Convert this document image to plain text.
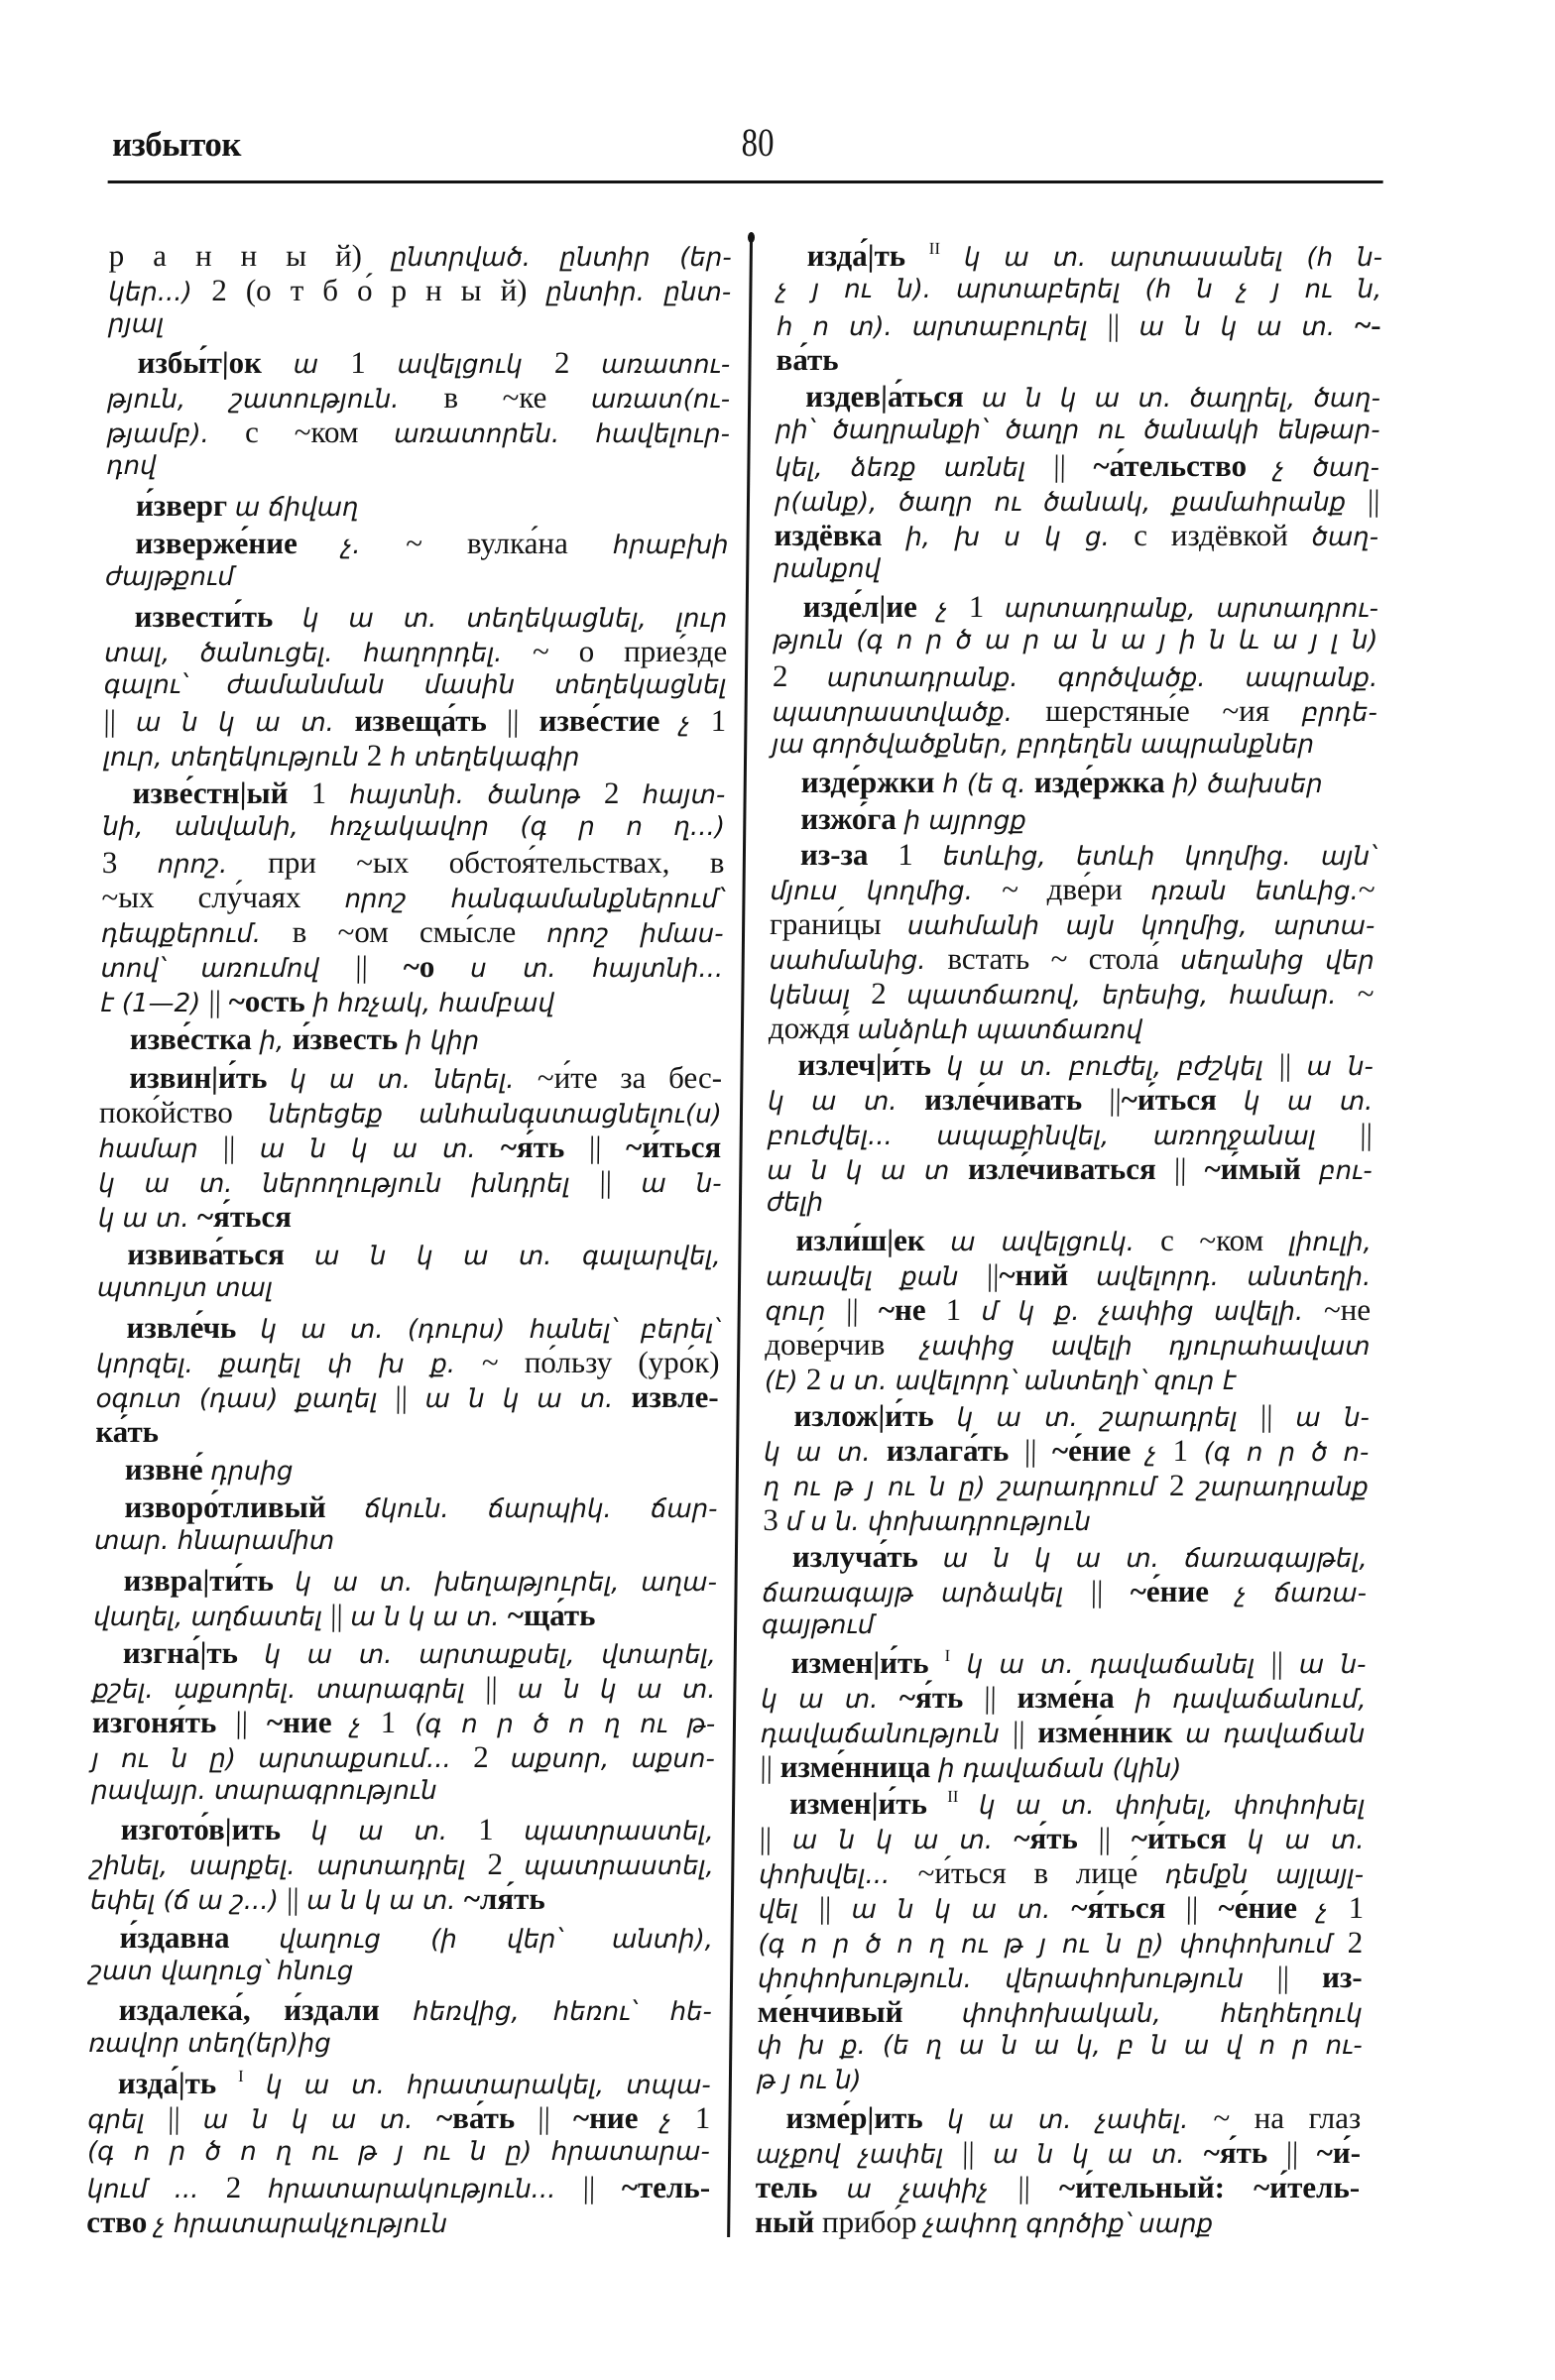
избыток	80
р а н н ы й) ընտրված. ընտիր (եր-
կեր...) 2 (о т б о́ р н ы й) ընտիր. ընտ-
րյալ
избы́т|ок ա 1 ավելցուկ 2 առատու-
թյուն, շատություն. в ~ке առատ(ու-
թյամբ). с ~ком առատորեն. հավելուր-
դով
и́зверг ա ճիվաղ
изверже́ние չ. ~ вулка́на հրաբխի
ժայթքում
извести́ть կ ա տ. տեղեկացնել, լուր
տալ, ծանուցել. հաղորդել. ~ о прие́зде
գալու՝ ժամանման մասին տեղեկացնել
|| ա ն կ ա տ. извеща́ть || изве́стие չ 1
լուր, տեղեկություն 2 հ տեղեկագիր
изве́стн|ый 1 հայտնի. ծանոթ 2 հայտ-
նի, անվանի, հռչակավոր (գ ր ո ղ...)
3 որոշ. при ~ых обстоя́тельствах, в
~ых слу́чаях որոշ հանգամանքներում՝
դեպքերում. в ~ом смы́сле որոշ իմաս-
տով՝ առումով || ~о ս տ. հայտնի...
է (1—2) || ~ость ի հռչակ, համբավ
изве́стка ի, и́звесть ի կիր
извин|и́ть կ ա տ. ներել. ~и́те за бес-
поко́йство ներեցեք անհանգստացնելու(ս)
համար || ա ն կ ա տ. ~я́ть || ~и́ться
կ ա տ. ներողություն խնդրել || ա ն-
կ ա տ. ~я́ться
извива́ться ա ն կ ա տ. գալարվել,
պտույտ տալ
извле́чь կ ա տ. (դուրս) հանել՝ բերել՝
կորզել. քաղել փ խ ք. ~ по́льзу (уро́к)
օգուտ (դաս) քաղել || ա ն կ ա տ. извле-
ка́ть
извне́ դրսից
изворо́тливый ճկուն. ճարպիկ. ճար-
տար. հնարամիտ
извра|ти́ть կ ա տ. խեղաթյուրել, աղա-
վաղել, աղճատել || ա ն կ ա տ. ~ща́ть
изгна́|ть կ ա տ. արտաքսել, վտարել,
քշել. աքսորել. տարագրել || ա ն կ ա տ.
изгоня́ть || ~ние չ 1 (գ ո ր ծ ո ղ ու թ-
յ ու ն ը) արտաքսում... 2 աքսոր, աքսո-
րավայր. տարագրություն
изгото́в|ить կ ա տ. 1 պատրաստել,
շինել, սարքել. արտադրել 2 պատրաստել,
եփել (ճ ա շ...) || ա ն կ ա տ. ~ля́ть
и́здавна վաղուց (ի վեր՝ անտի),
շատ վաղուց՝ հնուց
издалека́, и́здали հեռվից, հեռու՝ հե-
ռավոր տեղ(եր)ից
изда́|ть I կ ա տ. հրատարակել, տպա-
գրել || ա ն կ ա տ. ~ва́ть || ~ние չ 1
(գ ո ր ծ ո ղ ու թ յ ու ն ը) հրատարա-
կում ... 2 հրատարակություն... || ~тель-
ство չ հրատարակչություն
изда́|ть II կ ա տ. արտասանել (հ ն-
չ յ ու ն). արտաբերել (հ ն չ յ ու ն,
հ ո տ). արտաբուրել || ա ն կ ա տ. ~-
ва́ть
издев|а́ться ա ն կ ա տ. ծաղրել, ծաղ-
րի՝ ծաղրանքի՝ ծաղր ու ծանակի ենթար-
կել, ձեռք առնել || ~а́тельство չ ծաղ-
ր(անք), ծաղր ու ծանակ, քամահրանք ||
издёвка ի, խ ս կ ց. с издёвкой ծաղ-
րանքով
изде́л|ие չ 1 արտադրանք, արտադրու-
թյուն (գ ո ր ծ ա ր ա ն ա յ ի ն և ա յ լ ն)
2 արտադրանք. գործվածք. ապրանք.
պատրաստվածք. шерстяны́е ~ия բրդե-
յա գործվածքներ, բրդեղեն ապրանքներ
изде́ржки հ (ե զ. изде́ржка ի) ծախսեր
изжо́га ի այրոցք
из-за 1 ետևից, ետևի կողմից. այն՝
մյուս կողմից. ~ две́ри դռան ետևից.~
грани́цы սահմանի այն կողմից, արտա-
սահմանից. встать ~ стола́ սեղանից վեր
կենալ 2 պատճառով, երեսից, համար. ~
дождя́ անձրևի պատճառով
излеч|и́ть կ ա տ. բուժել, բժշկել || ա ն-
կ ա տ. изле́чивать ||~и́ться կ ա տ.
բուժվել... ապաքինվել, առողջանալ ||
ա ն կ ա տ изле́чиваться || ~и́мый բու-
ժելի
изли́ш|ек ա ավելցուկ. с ~ком լիուլի,
առավել քան ||~ний ավելորդ. անտեղի.
զուր || ~не 1 մ կ ք. չափից ավելի. ~не
дове́рчив չափից ավելի դյուրահավատ
(է) 2 ս տ. ավելորդ՝ անտեղի՝ զուր է
излож|и́ть կ ա տ. շարադրել || ա ն-
կ ա տ. излага́ть || ~е́ние չ 1 (գ ո ր ծ ո-
ղ ու թ յ ու ն ը) շարադրում 2 շարադրանք
3 մ ս ն. փոխադրություն
излуча́ть ա ն կ ա տ. ճառագայթել,
ճառագայթ արձակել || ~е́ние չ ճառա-
գայթում
измен|и́ть I կ ա տ. դավաճանել || ա ն-
կ ա տ. ~я́ть || изме́на ի դավաճանում,
դավաճանություն || изме́нник ա դավաճան
|| изме́нница ի դավաճան (կին)
измен|и́ть II կ ա տ. փոխել, փոփոխել
|| ա ն կ ա տ. ~я́ть || ~и́ться կ ա տ.
փոխվել... ~и́ться в лице́ դեմքն այլայլ-
վել || ա ն կ ա տ. ~я́ться || ~е́ние չ 1
(գ ո ր ծ ո ղ ու թ յ ու ն ը) փոփոխում 2
փոփոխություն. վերափոխություն || из-
ме́нчивый փոփոխական, հեղհեղուկ
փ խ ք. (ե ղ ա ն ա կ, բ ն ա վ ո ր ու-
թ յ ու ն)
изме́р|ить կ ա տ. չափել. ~ на глаз
աչքով չափել || ա ն կ ա տ. ~я́ть || ~и́-
тель ա չափիչ || ~и́тельный: ~и́тель-
ный прибо́р չափող գործիք՝ սարք
